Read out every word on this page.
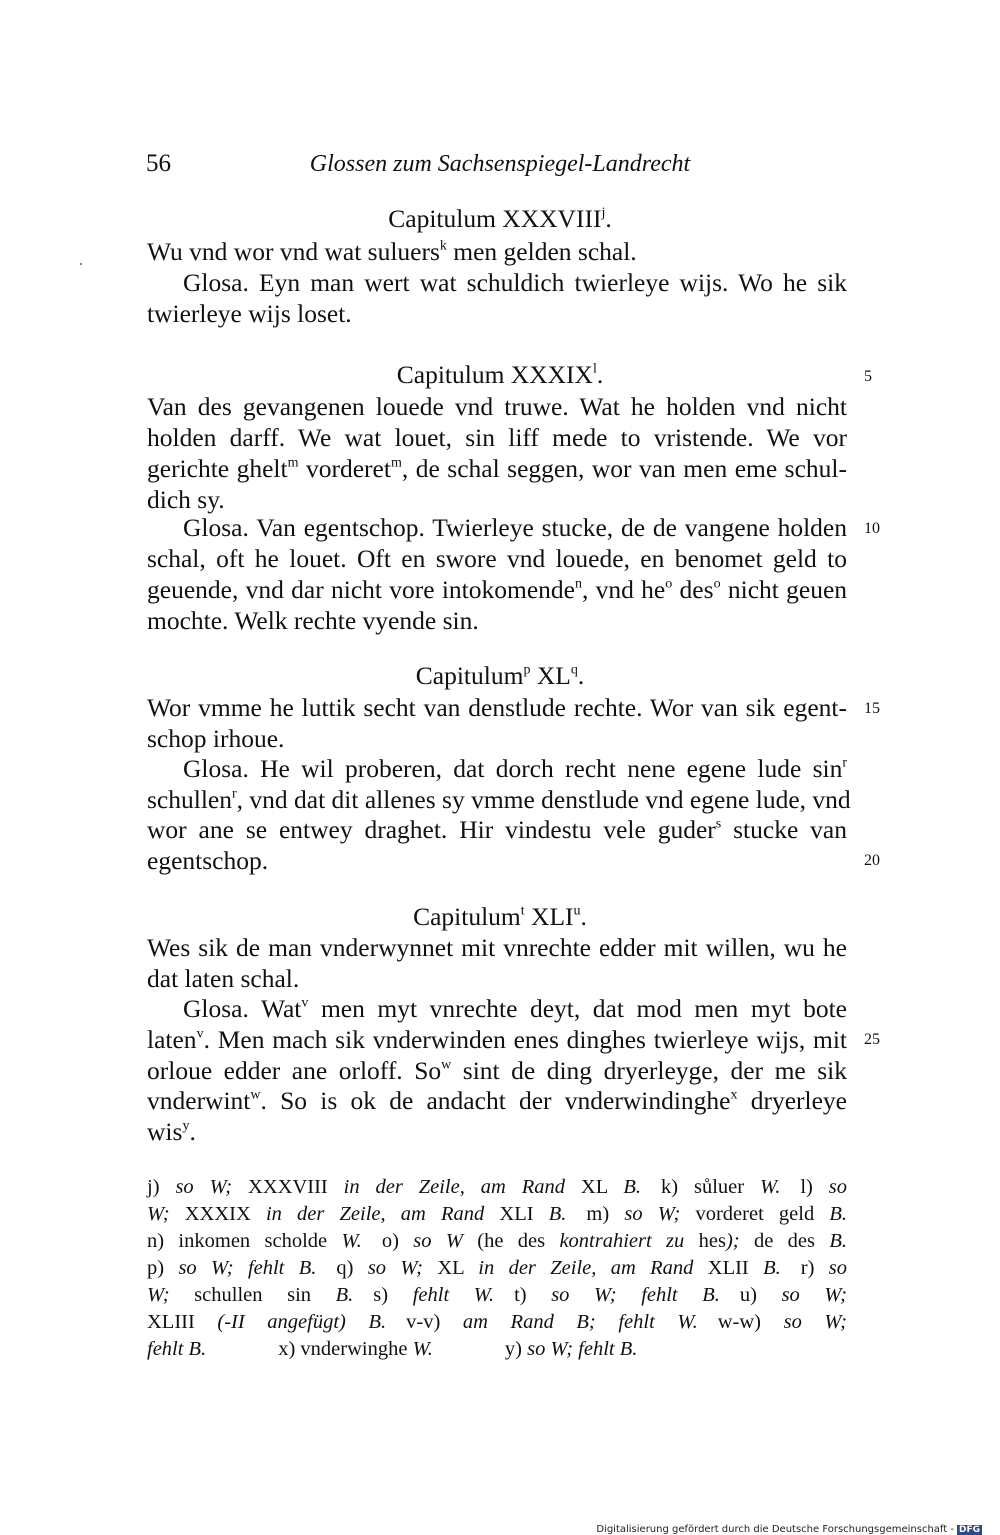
56	Glossen zum Sachsenspiegel-Landrecht
Capitulum XXXVIII$^j$.
Wu vnd wor vnd wat suluers$^k$ men gelden schal.
Glosa. Eyn man wert wat schuldich twierleye wijs. Wo he sik
twierleye wijs loset.
Capitulum XXXIX$^l$.	5
Van des gevangenen louede vnd truwe. Wat he holden vnd nicht
holden darff. We wat louet, sin liff mede to vristende. We vor
gerichte ghelt$^m$ vorderet$^m$, de schal seggen, wor van men eme schul-
dich sy.
Glosa. Van egentschop. Twierleye stucke, de de vangene holden 10
schal, oft he louet. Oft en swore vnd louede, en benomet geld to
geuende, vnd dar nicht vore intokomende$^n$, vnd $he^o$ des$^o$ nicht geuen
mochte. Welk rechte vyende sin.
Capitulum$^p$ $XL^q$.
Wor vmme he luttik secht van denstlude rechte. Wor van sik egent- 15
schop irhoue.
Glosa. He wil proberen, dat dorch recht nene egene lude $\sin^r$
schullen$^r$, vnd dat dit allenes sy vmme denstlude vnd egene lude, vnd
wor ane se entwey draghet. Hir vindestu vele guder$^s$ stucke van
egentschop.	20
Capitulum$^t$ XLI$^u$.
Wes sik de man vnderwynnet mit vnrechte edder mit willen, wu he
dat laten schal.
Glosa. Wat$^v$ men myt vnrechte deyt, dat mod men myt bote
laten$^v$. Men mach sik vnderwinden enes dinghes twierleye wijs, mit 25
orloue edder ane orloff. So$^w$ sint de ding dryerleyge, der me sik
vnderwint$^w$. So is ok de andacht der vnderwindinghe$^x$ dryerleye
wis$^y$.
j) so W; XXXVIII in der Zeile, am Rand XL B. k) sůluer W. l) so
W; XXXIX in der Zeile, am Rand XLI B. m) so W; vorderet geld B.
n) inkomen scholde W. o) so W (he des kontrahiert zu hes); de des B.
p) so W; fehlt B. q) so W; XL in der Zeile, am Rand XLII B. r) so
W; schullen sin B. s) fehlt W. t) so W; fehlt B. u) so W;
XLIII (-II angefügt) B. v-v) am Rand B; fehlt W. w-w) so W;
fehlt B.	x) vnderwinghe W.	y) so W; fehlt B.
Digitalisierung gefördert durch die Deutsche Forschungsgemeinschaft - DFG
